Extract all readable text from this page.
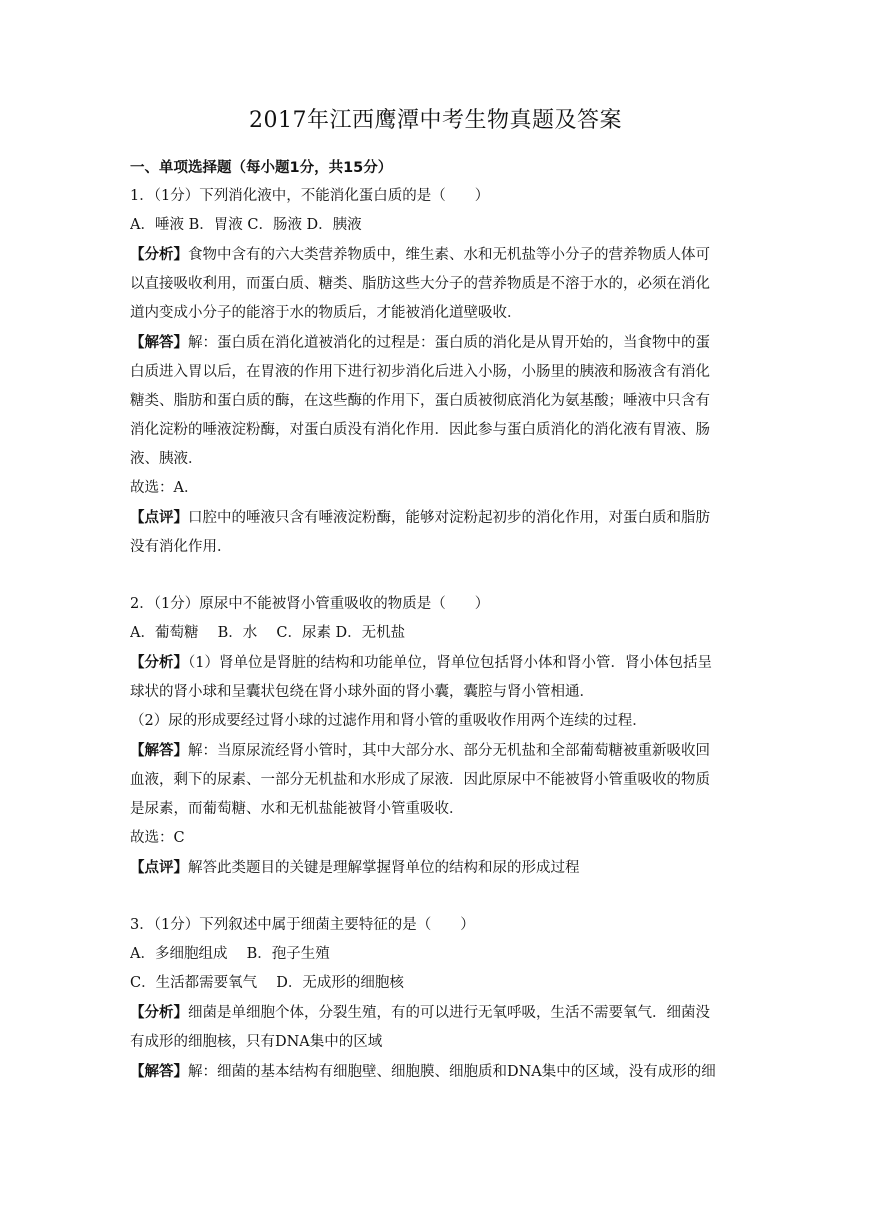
2017年江西鹰潭中考生物真题及答案

一、单项选择题（每小题1分，共15分）

1．（1分）下列消化液中，不能消化蛋白质的是（　　）

A．唾液 B．胃液 C．肠液 D．胰液

【分析】食物中含有的六大类营养物质中，维生素、水和无机盐等小分子的营养物质人体可

以直接吸收利用，而蛋白质、糖类、脂肪这些大分子的营养物质是不溶于水的，必须在消化

道内变成小分子的能溶于水的物质后，才能被消化道壁吸收．

【解答】解：蛋白质在消化道被消化的过程是：蛋白质的消化是从胃开始的，当食物中的蛋

白质进入胃以后，在胃液的作用下进行初步消化后进入小肠，小肠里的胰液和肠液含有消化

糖类、脂肪和蛋白质的酶，在这些酶的作用下，蛋白质被彻底消化为氨基酸；唾液中只含有

消化淀粉的唾液淀粉酶，对蛋白质没有消化作用．因此参与蛋白质消化的消化液有胃液、肠

液、胰液．

故选：A．

【点评】口腔中的唾液只含有唾液淀粉酶，能够对淀粉起初步的消化作用，对蛋白质和脂肪

没有消化作用．

2．（1分）原尿中不能被肾小管重吸收的物质是（　　）

A．葡萄糖　 B．水　 C．尿素 D．无机盐

【分析】（1）肾单位是肾脏的结构和功能单位，肾单位包括肾小体和肾小管．肾小体包括呈

球状的肾小球和呈囊状包绕在肾小球外面的肾小囊，囊腔与肾小管相通．

（2）尿的形成要经过肾小球的过滤作用和肾小管的重吸收作用两个连续的过程．

【解答】解：当原尿流经肾小管时，其中大部分水、部分无机盐和全部葡萄糖被重新吸收回

血液，剩下的尿素、一部分无机盐和水形成了尿液．因此原尿中不能被肾小管重吸收的物质

是尿素，而葡萄糖、水和无机盐能被肾小管重吸收．

故选：C

【点评】解答此类题目的关键是理解掌握肾单位的结构和尿的形成过程

3．（1分）下列叙述中属于细菌主要特征的是（　　）

A．多细胞组成　 B．孢子生殖

C．生活都需要氧气　 D．无成形的细胞核

【分析】细菌是单细胞个体，分裂生殖，有的可以进行无氧呼吸，生活不需要氧气．细菌没

有成形的细胞核，只有DNA集中的区域

【解答】解：细菌的基本结构有细胞壁、细胞膜、细胞质和DNA集中的区域，没有成形的细
